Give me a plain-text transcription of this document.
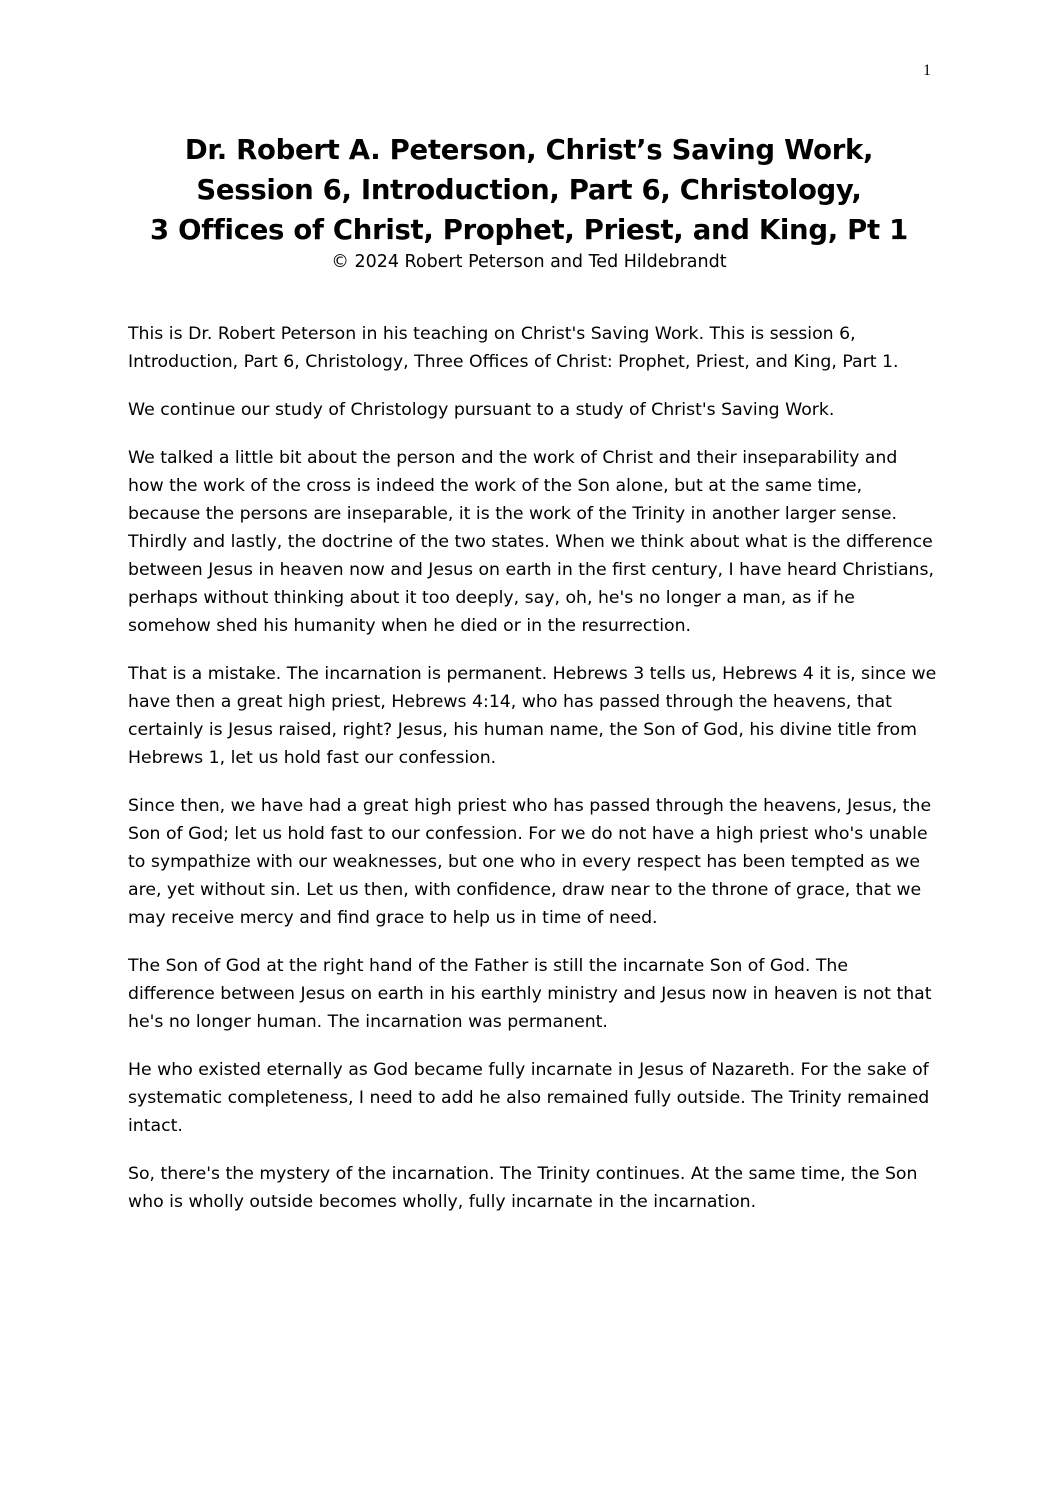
1
Dr. Robert A. Peterson, Christ’s Saving Work,
Session 6, Introduction, Part 6, Christology,
3 Offices of Christ, Prophet, Priest, and King, Pt 1
© 2024 Robert Peterson and Ted Hildebrandt

This is Dr. Robert Peterson in his teaching on Christ's Saving Work. This is session 6, Introduction, Part 6, Christology, Three Offices of Christ: Prophet, Priest, and King, Part 1.

We continue our study of Christology pursuant to a study of Christ's Saving Work.

We talked a little bit about the person and the work of Christ and their inseparability and how the work of the cross is indeed the work of the Son alone, but at the same time, because the persons are inseparable, it is the work of the Trinity in another larger sense. Thirdly and lastly, the doctrine of the two states. When we think about what is the difference between Jesus in heaven now and Jesus on earth in the first century, I have heard Christians, perhaps without thinking about it too deeply, say, oh, he's no longer a man, as if he somehow shed his humanity when he died or in the resurrection.

That is a mistake. The incarnation is permanent. Hebrews 3 tells us, Hebrews 4 it is, since we have then a great high priest, Hebrews 4:14, who has passed through the heavens, that certainly is Jesus raised, right? Jesus, his human name, the Son of God, his divine title from Hebrews 1, let us hold fast our confession.

Since then, we have had a great high priest who has passed through the heavens, Jesus, the Son of God; let us hold fast to our confession. For we do not have a high priest who's unable to sympathize with our weaknesses, but one who in every respect has been tempted as we are, yet without sin. Let us then, with confidence, draw near to the throne of grace, that we may receive mercy and find grace to help us in time of need.

The Son of God at the right hand of the Father is still the incarnate Son of God. The difference between Jesus on earth in his earthly ministry and Jesus now in heaven is not that he's no longer human. The incarnation was permanent.

He who existed eternally as God became fully incarnate in Jesus of Nazareth. For the sake of systematic completeness, I need to add he also remained fully outside. The Trinity remained intact.

So, there's the mystery of the incarnation. The Trinity continues. At the same time, the Son who is wholly outside becomes wholly, fully incarnate in the incarnation.
